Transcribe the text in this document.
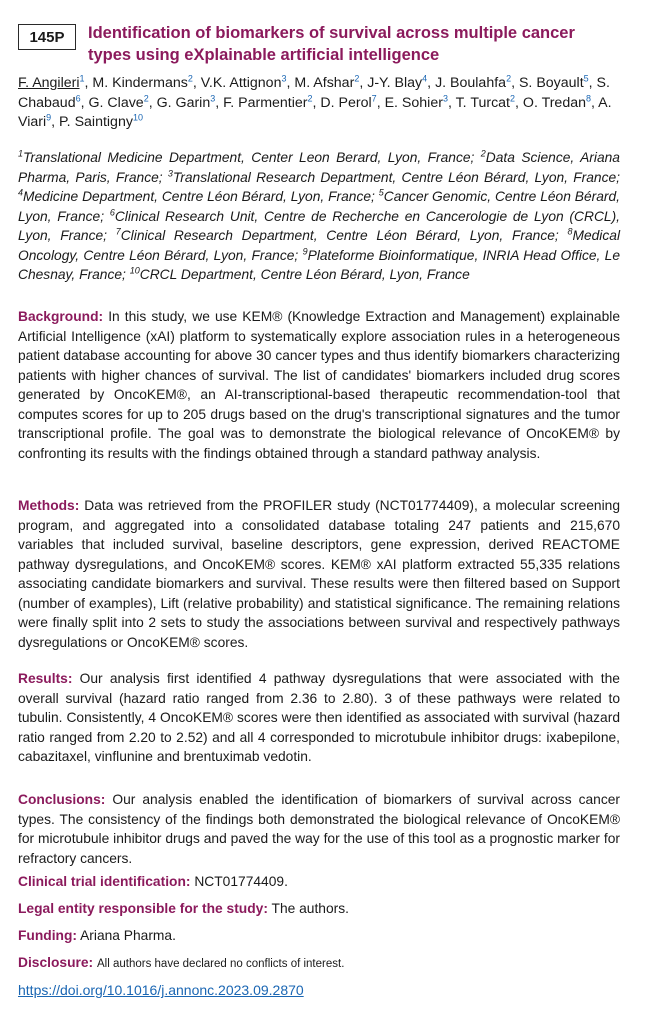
145P	Identification of biomarkers of survival across multiple cancer types using eXplainable artificial intelligence
F. Angileri$^1$, M. Kindermans$^2$, V.K. Attignon$^3$, M. Afshar$^2$, J-Y. Blay$^4$, J. Boulahfa$^2$, S. Boyault$^5$, S. Chabaud$^6$, G. Clave$^2$, G. Garin$^3$, F. Parmentier$^2$, D. Perol$^7$, E. Sohier$^3$, T. Turcat$^2$, O. Tredan$^8$, A. Viari$^9$, P. Saintigny$^{10}$
$^1$Translational Medicine Department, Center Leon Berard, Lyon, France; $^2$Data Science, Ariana Pharma, Paris, France; $^3$Translational Research Department, Centre Léon Bérard, Lyon, France; $^4$Medicine Department, Centre Léon Bérard, Lyon, France; $^5$Cancer Genomic, Centre Léon Bérard, Lyon, France; $^6$Clinical Research Unit, Centre de Recherche en Cancerologie de Lyon (CRCL), Lyon, France; $^7$Clinical Research Department, Centre Léon Bérard, Lyon, France; $^8$Medical Oncology, Centre Léon Bérard, Lyon, France; $^9$Plateforme Bioinformatique, INRIA Head Office, Le Chesnay, France; $^{10}$CRCL Department, Centre Léon Bérard, Lyon, France
Background: In this study, we use KEM® (Knowledge Extraction and Management) explainable Artificial Intelligence (xAI) platform to systematically explore association rules in a heterogeneous patient database accounting for above 30 cancer types and thus identify biomarkers characterizing patients with higher chances of survival. The list of candidates' biomarkers included drug scores generated by OncoKEM®, an AI-transcriptional-based therapeutic recommendation-tool that computes scores for up to 205 drugs based on the drug's transcriptional signatures and the tumor transcriptional profile. The goal was to demonstrate the biological relevance of OncoKEM® by confronting its results with the findings obtained through a standard pathway analysis.
Methods: Data was retrieved from the PROFILER study (NCT01774409), a molecular screening program, and aggregated into a consolidated database totaling 247 patients and 215,670 variables that included survival, baseline descriptors, gene expression, derived REACTOME pathway dysregulations, and OncoKEM® scores. KEM® xAI platform extracted 55,335 relations associating candidate biomarkers and survival. These results were then filtered based on Support (number of examples), Lift (relative probability) and statistical significance. The remaining relations were finally split into 2 sets to study the associations between survival and respectively pathways dysregulations or OncoKEM® scores.
Results: Our analysis first identified 4 pathway dysregulations that were associated with the overall survival (hazard ratio ranged from 2.36 to 2.80). 3 of these pathways were related to tubulin. Consistently, 4 OncoKEM® scores were then identified as associated with survival (hazard ratio ranged from 2.20 to 2.52) and all 4 corresponded to microtubule inhibitor drugs: ixabepilone, cabazitaxel, vinflunine and brentuximab vedotin.
Conclusions: Our analysis enabled the identification of biomarkers of survival across cancer types. The consistency of the findings both demonstrated the biological relevance of OncoKEM® for microtubule inhibitor drugs and paved the way for the use of this tool as a prognostic marker for refractory cancers.
Clinical trial identification: NCT01774409.
Legal entity responsible for the study: The authors.
Funding: Ariana Pharma.
Disclosure: All authors have declared no conflicts of interest.
https://doi.org/10.1016/j.annonc.2023.09.2870
